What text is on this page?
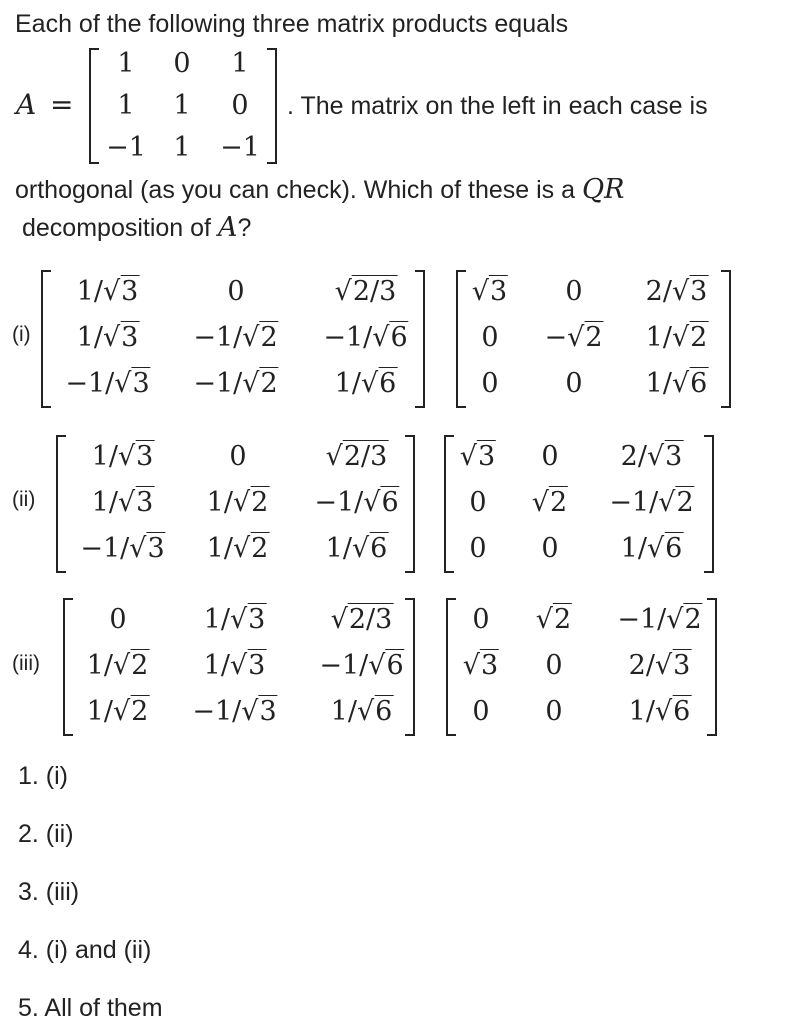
Each of the following three matrix products equals
A =	. The matrix on the left in each case is
orthogonal (as you can check). Which of these is a QR
decomposition of A?
1. (i)
2. (ii)
3. (iii)
4. (i) and (ii)
5. All of them
1 0 1
1 1 0
−1 1 −1
(i)
1/√3	0	√2/3
1/√3 −1/√2 −1/√6
−1/√3 −1/√2 1/√6
√3 0 2/√3
0 −√2 1/√2
0 0 1/√6
(ii)
1/√3	0	√2/3
1/√3 1/√2 −1/√6
−1/√3 1/√2 1/√6
√3 0 2/√3
0 √2 −1/√2
0 0 1/√6
(iii)
0	1/√3 √2/3
1/√2 1/√3 −1/√6
1/√2 −1/√3 1/√6
0 √2 −1/√2
√3 0 2/√3
0 0 1/√6
